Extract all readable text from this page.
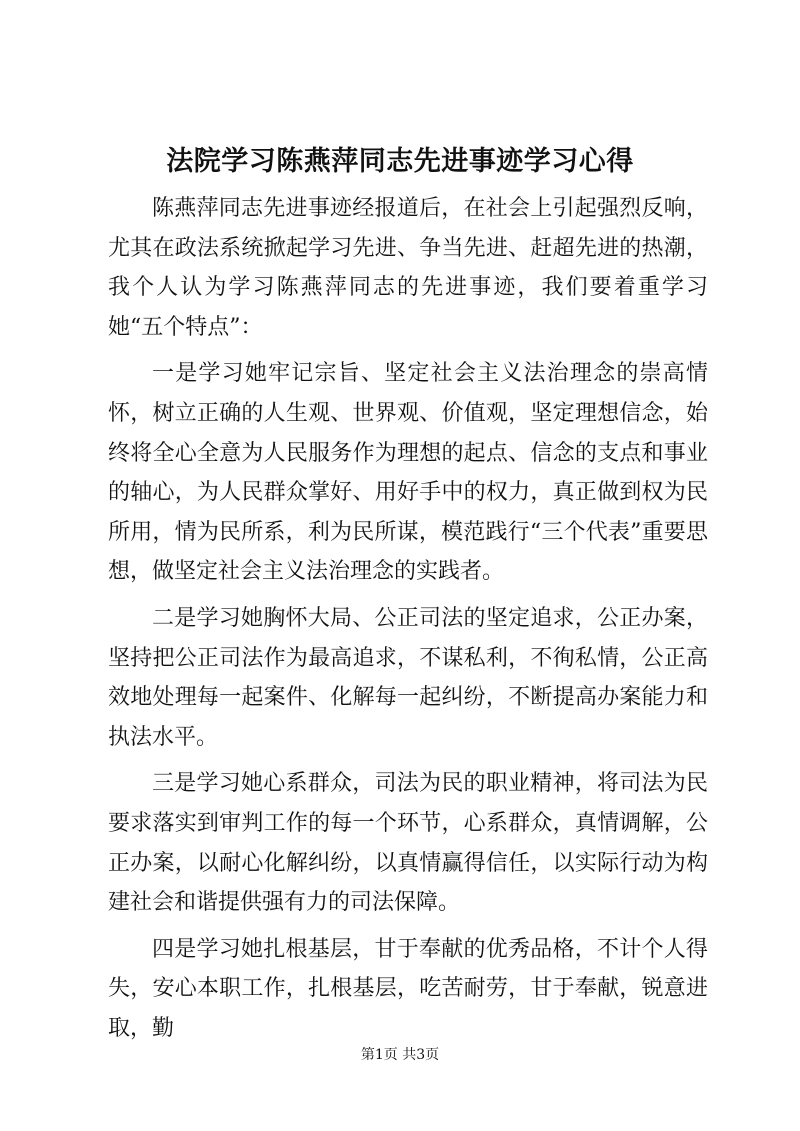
法院学习陈燕萍同志先进事迹学习心得

陈燕萍同志先进事迹经报道后，在社会上引起强烈反响，尤其在政法系统掀起学习先进、争当先进、赶超先进的热潮，我个人认为学习陈燕萍同志的先进事迹，我们要着重学习她“五个特点”：

一是学习她牢记宗旨、坚定社会主义法治理念的崇高情怀，树立正确的人生观、世界观、价值观，坚定理想信念，始终将全心全意为人民服务作为理想的起点、信念的支点和事业的轴心，为人民群众掌好、用好手中的权力，真正做到权为民所用，情为民所系，利为民所谋，模范践行“三个代表”重要思想，做坚定社会主义法治理念的实践者。

二是学习她胸怀大局、公正司法的坚定追求，公正办案，坚持把公正司法作为最高追求，不谋私利，不徇私情，公正高效地处理每一起案件、化解每一起纠纷，不断提高办案能力和执法水平。

三是学习她心系群众，司法为民的职业精神，将司法为民要求落实到审判工作的每一个环节，心系群众，真情调解，公正办案，以耐心化解纠纷，以真情赢得信任，以实际行动为构建社会和谐提供强有力的司法保障。

四是学习她扎根基层，甘于奉献的优秀品格，不计个人得失，安心本职工作，扎根基层，吃苦耐劳，甘于奉献，锐意进取，勤

第1页 共3页
